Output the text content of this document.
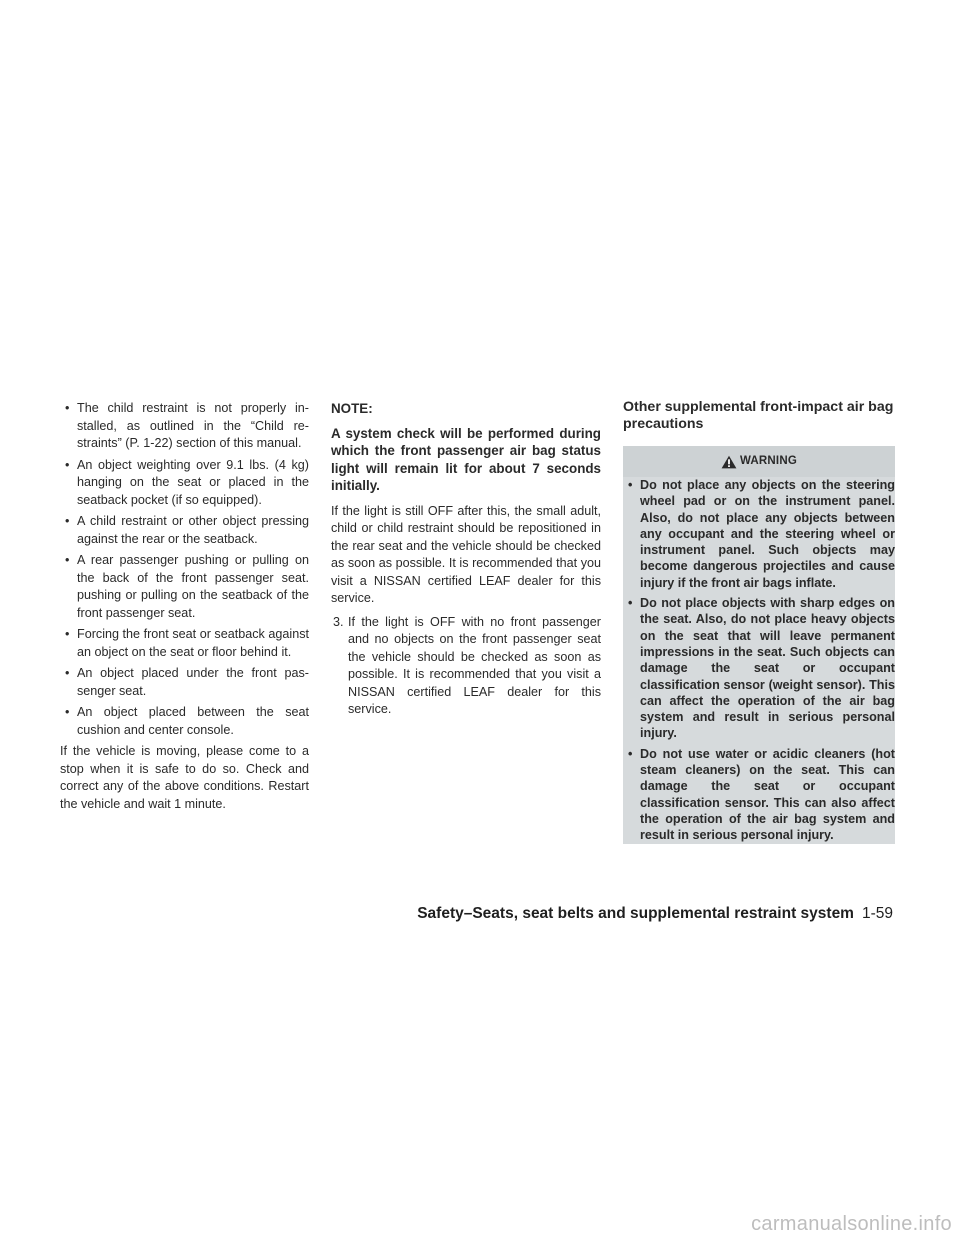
• The child restraint is not properly installed, as outlined in the “Child restraints” (P. 1-22) section of this manual.
• An object weighting over 9.1 lbs. (4 kg) hanging on the seat or placed in the seatback pocket (if so equipped).
• A child restraint or other object pressing against the rear or the seatback.
• A rear passenger pushing or pulling on the back of the front passenger seat. pushing or pulling on the seatback of the front passenger seat.
• Forcing the front seat or seatback against an object on the seat or floor behind it.
• An object placed under the front passenger seat.
• An object placed between the seat cushion and center console.

If the vehicle is moving, please come to a stop when it is safe to do so. Check and correct any of the above conditions. Restart the vehicle and wait 1 minute.

NOTE:
A system check will be performed during which the front passenger air bag status light will remain lit for about 7 seconds initially.

If the light is still OFF after this, the small adult, child or child restraint should be repositioned in the rear seat and the vehicle should be checked as soon as possible. It is recommended that you visit a NISSAN certified LEAF dealer for this service.

3. If the light is OFF with no front passenger and no objects on the front passenger seat the vehicle should be checked as soon as possible. It is recommended that you visit a NISSAN certified LEAF dealer for this service.
Other supplemental front-impact air bag precautions
WARNING
• Do not place any objects on the steering wheel pad or on the instrument panel. Also, do not place any objects between any occupant and the steering wheel or instrument panel. Such objects may become dangerous projectiles and cause injury if the front air bags inflate.
• Do not place objects with sharp edges on the seat. Also, do not place heavy objects on the seat that will leave permanent impressions in the seat. Such objects can damage the seat or occupant classification sensor (weight sensor). This can affect the operation of the air bag system and result in serious personal injury.
• Do not use water or acidic cleaners (hot steam cleaners) on the seat. This can damage the seat or occupant classification sensor. This can also affect the operation of the air bag system and result in serious personal injury.
Safety–Seats, seat belts and supplemental restraint system 1-59
carmanualsonline.info
